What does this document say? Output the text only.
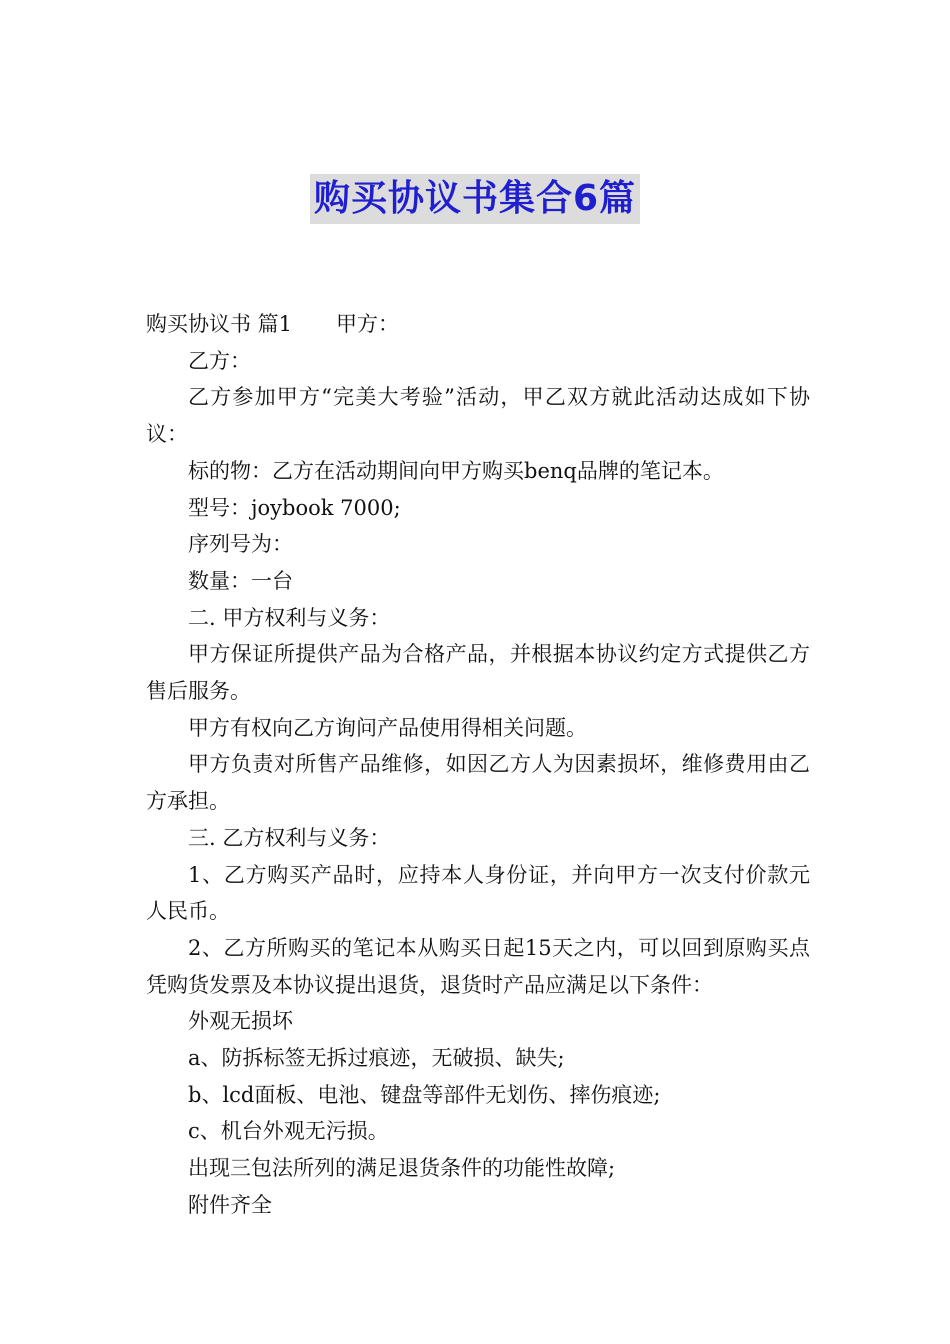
购买协议书集合6篇

购买协议书 篇1 甲方：

乙方：

乙方参加甲方“完美大考验”活动，甲乙双方就此活动达成如下协议：

标的物：乙方在活动期间向甲方购买benq品牌的笔记本。

型号：joybook 7000;

序列号为：

数量：一台

二. 甲方权利与义务：

甲方保证所提供产品为合格产品，并根据本协议约定方式提供乙方售后服务。

甲方有权向乙方询问产品使用得相关问题。

甲方负责对所售产品维修，如因乙方人为因素损坏，维修费用由乙方承担。

三. 乙方权利与义务：

1、乙方购买产品时，应持本人身份证，并向甲方一次支付价款元人民币。

2、乙方所购买的笔记本从购买日起15天之内，可以回到原购买点凭购货发票及本协议提出退货，退货时产品应满足以下条件：

外观无损坏

a、防拆标签无拆过痕迹，无破损、缺失;

b、lcd面板、电池、键盘等部件无划伤、摔伤痕迹;

c、机台外观无污损。

出现三包法所列的满足退货条件的功能性故障;

附件齐全
